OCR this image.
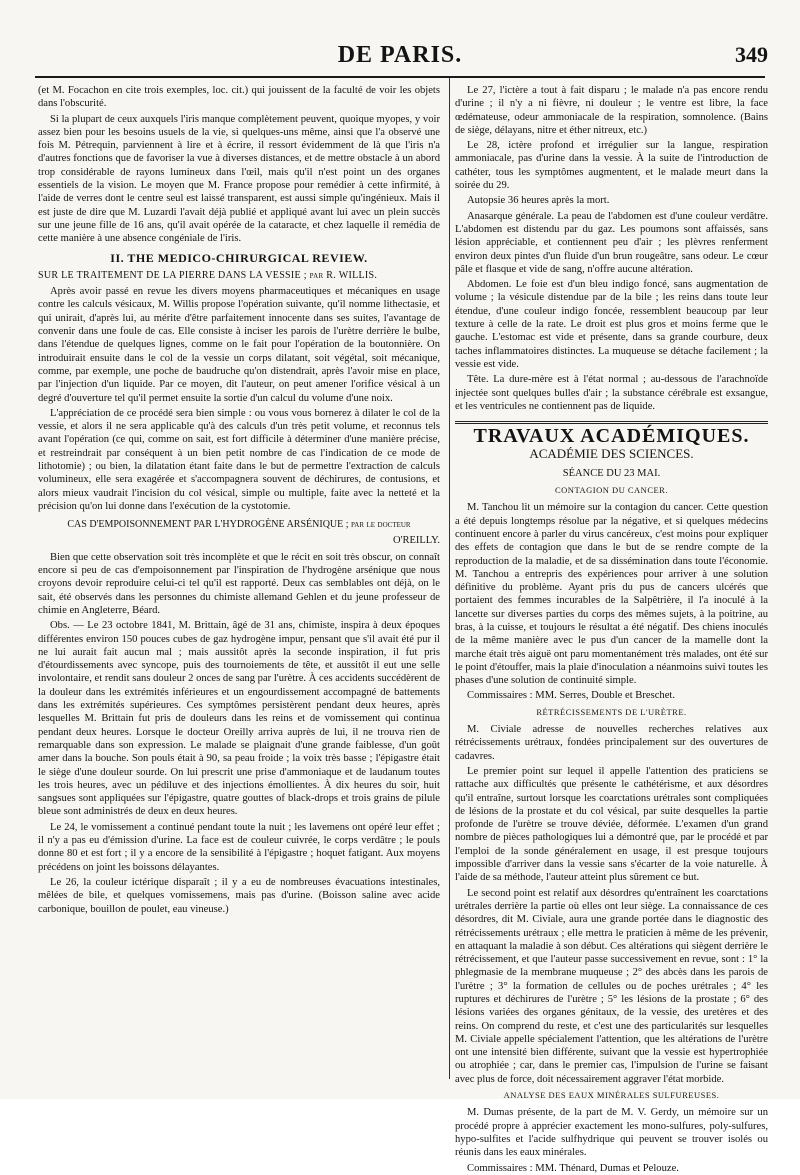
DE PARIS.	349

(et M. Focachon en cite trois exemples, loc. cit.) qui jouissent de la faculté de voir les objets dans l'obscurité.

Si la plupart de ceux auxquels l'iris manque complètement peuvent, quoique myopes, y voir assez bien pour les besoins usuels de la vie, si quelques-uns même, ainsi que l'a observé une fois M. Pétrequin, parviennent à lire et à écrire, il ressort évidemment de là que l'iris n'a d'autres fonctions que de favoriser la vue à diverses distances, et de mettre obstacle à un abord trop considérable de rayons lumineux dans l'œil, mais qu'il n'est point un des organes essentiels de la vision. Le moyen que M. France propose pour remédier à cette infirmité, à l'aide de verres dont le centre seul est laissé transparent, est aussi simple qu'ingénieux. Mais il est juste de dire que M. Luzardi l'avait déjà publié et appliqué avant lui avec un plein succès sur une jeune fille de 16 ans, qu'il avait opérée de la cataracte, et chez laquelle il remédia de cette manière à une absence congéniale de l'iris.

II. THE MEDICO-CHIRURGICAL REVIEW.
SUR LE TRAITEMENT DE LA PIERRE DANS LA VESSIE ; par R. WILLIS.

Après avoir passé en revue les divers moyens pharmaceutiques et mécaniques en usage contre les calculs vésicaux, M. Willis propose l'opération suivante, qu'il nomme lithectasie, et qui unirait, d'après lui, au mérite d'être parfaitement innocente dans ses suites, l'avantage de convenir dans une foule de cas. Elle consiste à inciser les parois de l'urètre derrière le bulbe, dans l'étendue de quelques lignes, comme on le fait pour l'opération de la boutonnière. On introduirait ensuite dans le col de la vessie un corps dilatant, soit végétal, soit mécanique, comme, par exemple, une poche de baudruche qu'on distendrait, après l'avoir mise en place, par l'injection d'un liquide. Par ce moyen, dit l'auteur, on peut amener l'orifice vésical à un degré d'ouverture tel qu'il permet ensuite la sortie d'un calcul du volume d'une noix.

L'appréciation de ce procédé sera bien simple : ou vous vous bornerez à dilater le col de la vessie, et alors il ne sera applicable qu'à des calculs d'un très petit volume, et reconnus tels avant l'opération (ce qui, comme on sait, est fort difficile à déterminer d'une manière précise, et restreindrait par conséquent à un bien petit nombre de cas l'indication de ce mode de lithotomie) ; ou bien, la dilatation étant faite dans le but de permettre l'extraction de calculs volumineux, elle sera exagérée et s'accompagnera souvent de déchirures, de contusions, et alors mieux vaudrait l'incision du col vésical, simple ou multiple, faite avec la netteté et la précision qu'on lui donne dans l'exécution de la cystotomie.

CAS D'EMPOISONNEMENT PAR L'HYDROGÈNE ARSÉNIQUE ; par le docteur
O'REILLY.

Bien que cette observation soit très incomplète et que le récit en soit très obscur, on connaît encore si peu de cas d'empoisonnement par l'inspiration de l'hydrogène arsénique que nous croyons devoir reproduire celui-ci tel qu'il est rapporté. Deux cas semblables ont déjà, on le sait, été observés dans les personnes du chimiste allemand Gehlen et du jeune professeur de chimie en Angleterre, Béard.

Obs. — Le 23 octobre 1841, M. Brittain, âgé de 31 ans, chimiste, inspira à deux époques différentes environ 150 pouces cubes de gaz hydrogène impur, pensant que s'il avait été pur il ne lui aurait fait aucun mal ; mais aussitôt après la seconde inspiration, il fut pris d'étourdissements avec syncope, puis des tournoiements de tête, et aussitôt il eut une selle involontaire, et rendit sans douleur 2 onces de sang par l'urètre. À ces accidents succédèrent de la douleur dans les extrémités inférieures et un engourdissement accompagné de battements dans les extrémités supérieures. Ces symptômes persistèrent pendant deux heures, après lesquelles M. Brittain fut pris de douleurs dans les reins et de vomissement qui continua pendant deux heures. Lorsque le docteur Oreilly arriva auprès de lui, il ne trouva rien de remarquable dans son expression. Le malade se plaignait d'une grande faiblesse, d'un goût amer dans la bouche. Son pouls était à 90, sa peau froide ; la voix très basse ; l'épigastre était le siège d'une douleur sourde. On lui prescrit une prise d'ammoniaque et de laudanum toutes les trois heures, avec un pédiluve et des injections émollientes. À dix heures du soir, huit sangsues sont appliquées sur l'épigastre, quatre gouttes of black-drops et trois grains de pilule bleue sont administrés de deux en deux heures.

Le 24, le vomissement a continué pendant toute la nuit ; les lavemens ont opéré leur effet ; il n'y a pas eu d'émission d'urine. La face est de couleur cuivrée, le corps verdâtre ; le pouls donne 80 et est fort ; il y a encore de la sensibilité à l'épigastre ; hoquet fatigant. Aux moyens précédens on joint les boissons délayantes.

Le 26, la couleur ictérique disparaît ; il y a eu de nombreuses évacuations intestinales, mêlées de bile, et quelques vomissemens, mais pas d'urine. (Boisson saline avec acide carbonique, bouillon de poulet, eau vineuse.)

Le 27, l'ictère a tout à fait disparu ; le malade n'a pas encore rendu d'urine ; il n'y a ni fièvre, ni douleur ; le ventre est libre, la face œdémateuse, odeur ammoniacale de la respiration, somnolence. (Bains de siège, délayans, nitre et éther nitreux, etc.)

Le 28, ictère profond et irrégulier sur la langue, respiration ammoniacale, pas d'urine dans la vessie. À la suite de l'introduction de cathéter, tous les symptômes augmentent, et le malade meurt dans la soirée du 29.

Autopsie 36 heures après la mort.

Anasarque générale. La peau de l'abdomen est d'une couleur verdâtre. L'abdomen est distendu par du gaz. Les poumons sont affaissés, sans lésion appréciable, et contiennent peu d'air ; les plèvres renferment environ deux pintes d'un fluide d'un brun rougeâtre, sans odeur. Le cœur pâle et flasque et vide de sang, n'offre aucune altération.

Abdomen. Le foie est d'un bleu indigo foncé, sans augmentation de volume ; la vésicule distendue par de la bile ; les reins dans toute leur étendue, d'une couleur indigo foncée, ressemblent beaucoup par leur texture à celle de la rate. Le droit est plus gros et moins ferme que le gauche. L'estomac est vide et présente, dans sa grande courbure, deux taches inflammatoires distinctes. La muqueuse se détache facilement ; la vessie est vide.

Tête. La dure-mère est à l'état normal ; au-dessous de l'arachnoïde injectée sont quelques bulles d'air ; la substance cérébrale est exsangue, et les ventricules ne contiennent pas de liquide.

TRAVAUX ACADÉMIQUES.
ACADÉMIE DES SCIENCES.
SÉANCE DU 23 MAI.
CONTAGION DU CANCER.

M. Tanchou lit un mémoire sur la contagion du cancer. Cette question a été depuis longtemps résolue par la négative, et si quelques médecins continuent encore à parler du virus cancéreux, c'est moins pour expliquer des effets de contagion que dans le but de se rendre compte de la reproduction de la maladie, et de sa dissémination dans toute l'économie. M. Tanchou a entrepris des expériences pour arriver à une solution définitive du problème. Ayant pris du pus de cancers ulcérés que portaient des femmes incurables de la Salpêtrière, il l'a inoculé à la lancette sur diverses parties du corps des mêmes sujets, à la poitrine, au bras, à la cuisse, et toujours le résultat a été négatif. Des chiens inoculés de la même manière avec le pus d'un cancer de la mamelle dont la marche était très aiguë ont paru momentanément très malades, ont été sur le point d'étouffer, mais la plaie d'inoculation a néanmoins suivi toutes les phases d'une solution de continuité simple.

Commissaires : MM. Serres, Double et Breschet.

RÉTRÉCISSEMENTS DE L'URÈTRE.

M. Civiale adresse de nouvelles recherches relatives aux rétrécissements urétraux, fondées principalement sur des ouvertures de cadavres.

Le premier point sur lequel il appelle l'attention des praticiens se rattache aux difficultés que présente le cathétérisme, et aux désordres qu'il entraîne, surtout lorsque les coarctations urétrales sont compliquées de lésions de la prostate et du col vésical, par suite desquelles la partie profonde de l'urètre se trouve déviée, déformée. L'examen d'un grand nombre de pièces pathologiques lui a démontré que, par le procédé et par l'emploi de la sonde généralement en usage, il est presque toujours impossible d'arriver dans la vessie sans s'écarter de la voie naturelle. À l'aide de sa méthode, l'auteur atteint plus sûrement ce but.

Le second point est relatif aux désordres qu'entraînent les coarctations urétrales derrière la partie où elles ont leur siège. La connaissance de ces désordres, dit M. Civiale, aura une grande portée dans le diagnostic des rétrécissements urétraux ; elle mettra le praticien à même de les prévenir, en attaquant la maladie à son début. Ces altérations qui siègent derrière le rétrécissement, et que l'auteur passe successivement en revue, sont : 1° la phlegmasie de la membrane muqueuse ; 2° des abcès dans les parois de l'urètre ; 3° la formation de cellules ou de poches urétrales ; 4° les ruptures et déchirures de l'urètre ; 5° les lésions de la prostate ; 6° des lésions variées des organes génitaux, de la vessie, des uretères et des reins. On comprend du reste, et c'est une des particularités sur lesquelles M. Civiale appelle spécialement l'attention, que les altérations de l'urètre ont une intensité bien différente, suivant que la vessie est hypertrophiée ou atrophiée ; car, dans le premier cas, l'impulsion de l'urine se faisant avec plus de force, doit nécessairement aggraver l'état morbide.

ANALYSE DES EAUX MINÉRALES SULFUREUSES.

M. Dumas présente, de la part de M. V. Gerdy, un mémoire sur un procédé propre à apprécier exactement les mono-sulfures, poly-sulfures, hypo-sulfites et l'acide sulfhydrique qui peuvent se trouver isolés ou réunis dans les eaux minérales.

Commissaires : MM. Thénard, Dumas et Pelouze.
